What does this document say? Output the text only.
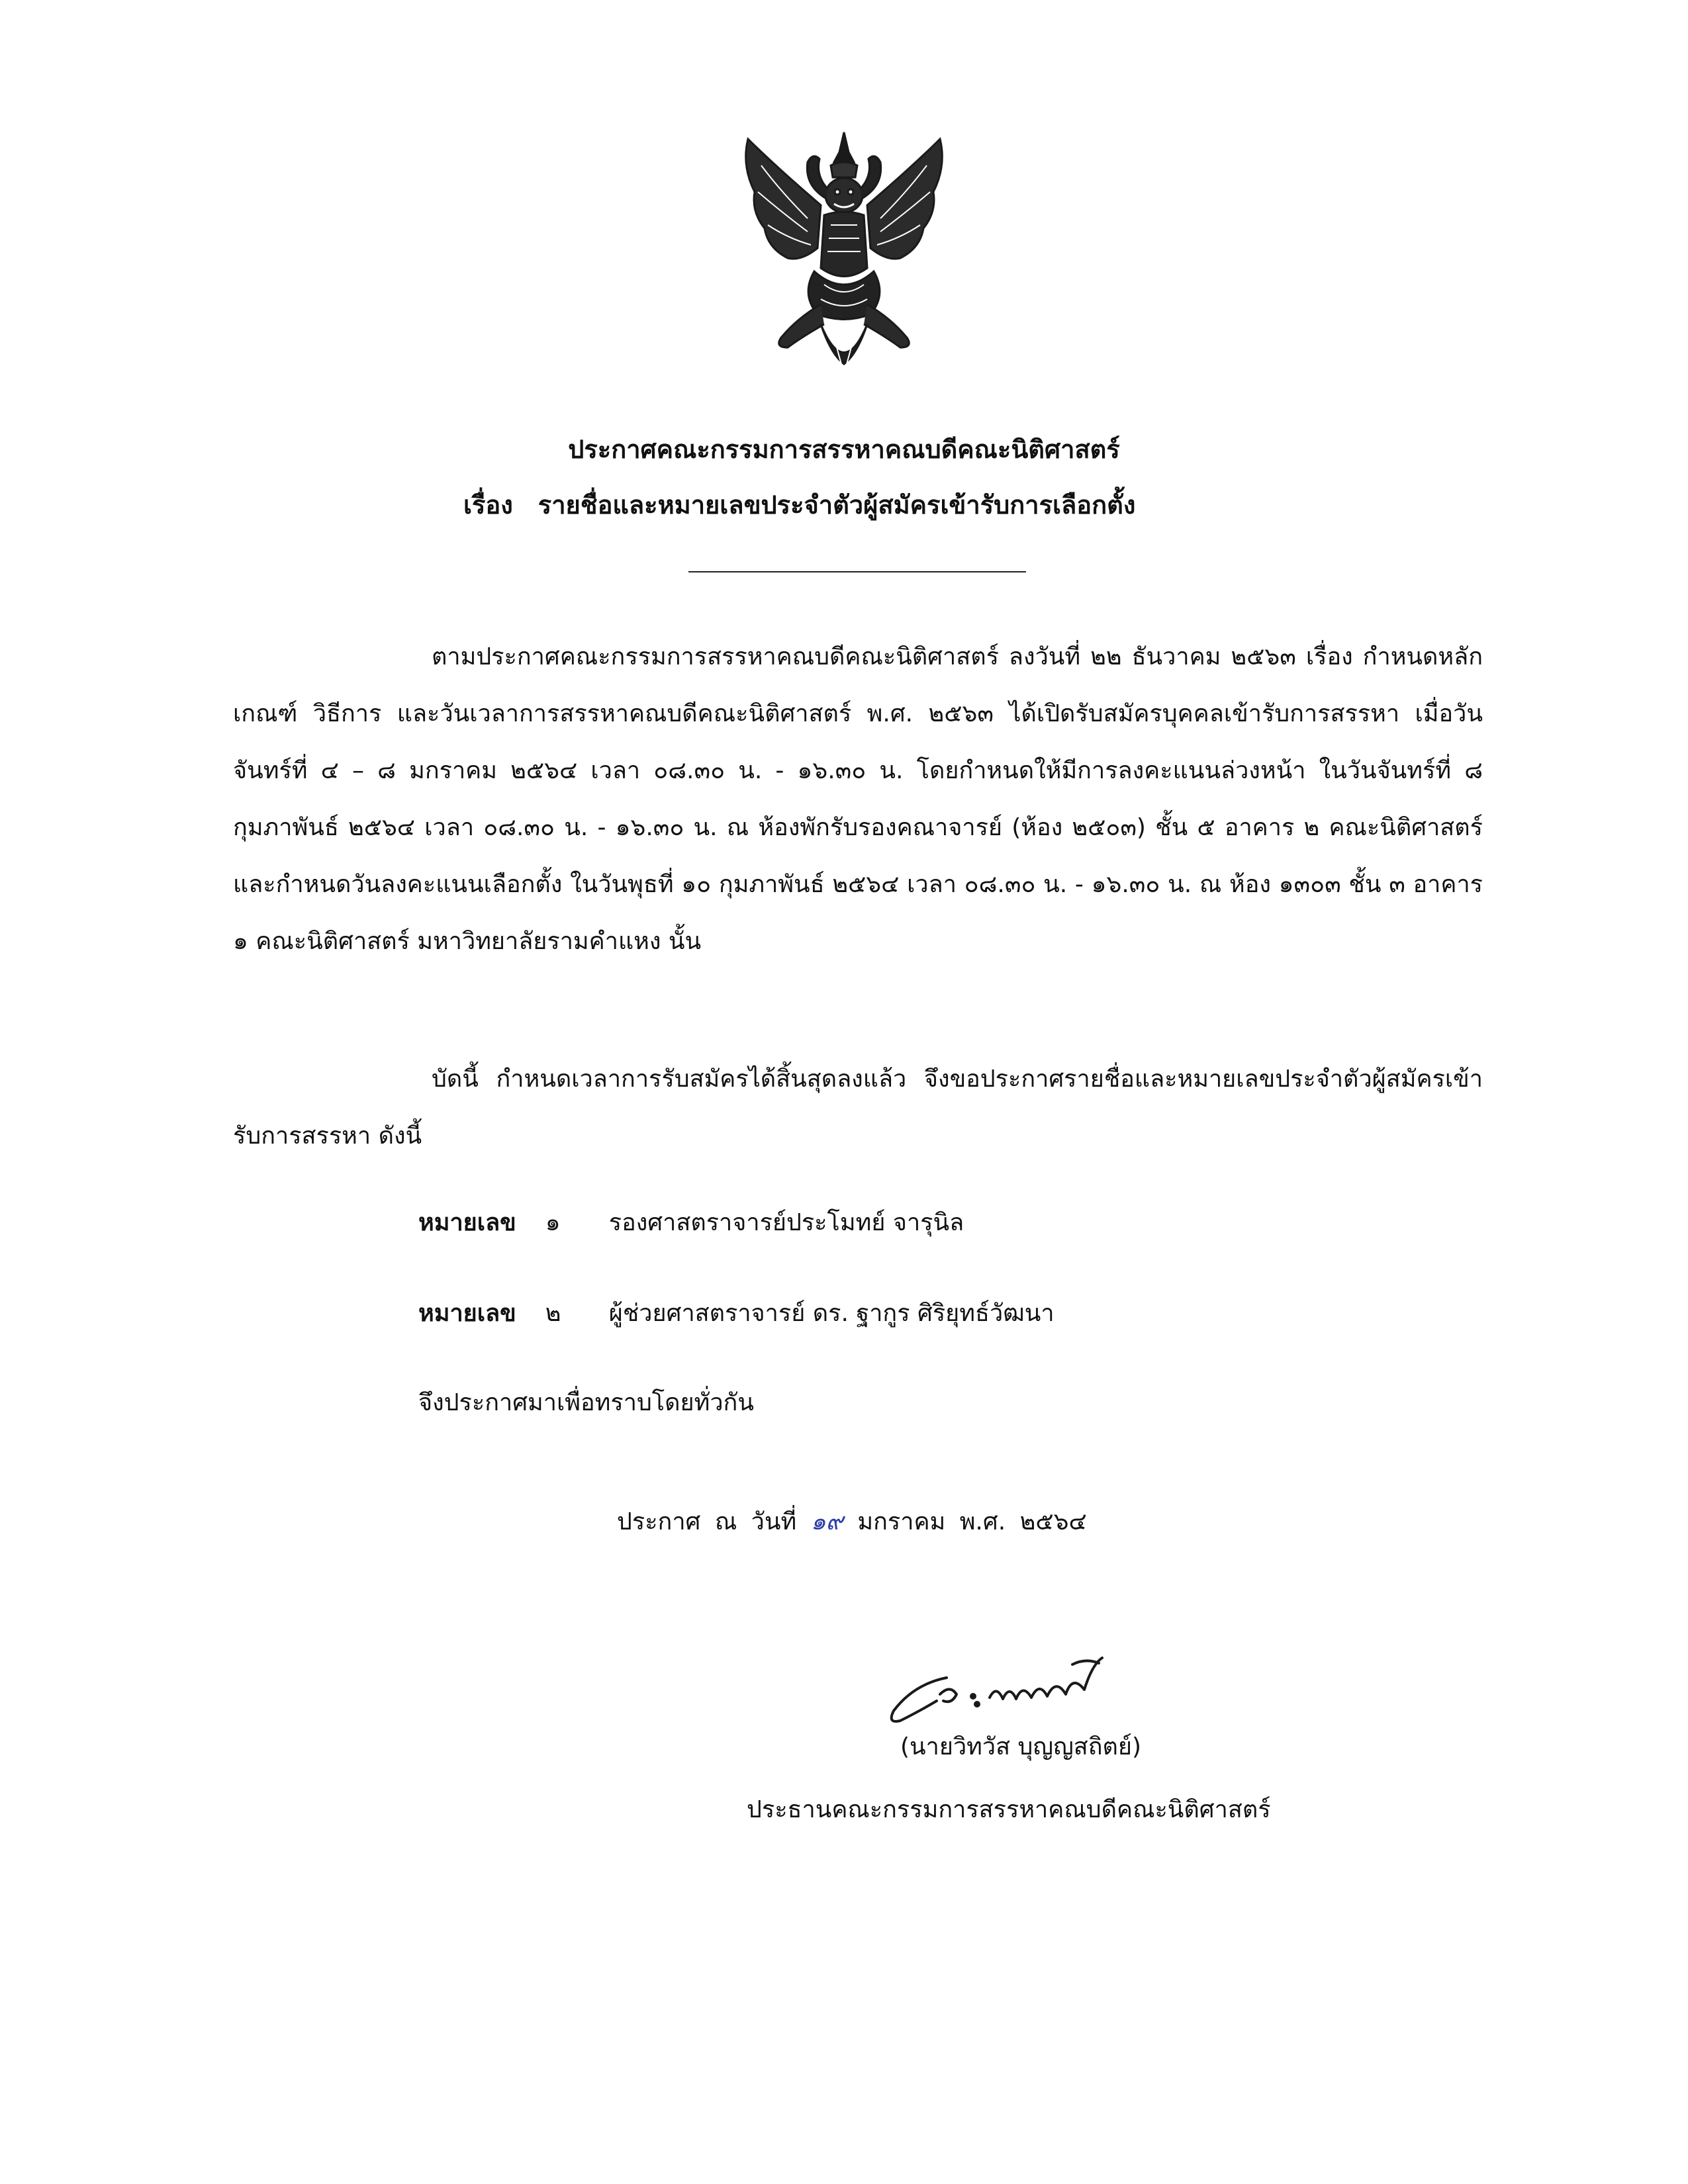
ประกาศคณะกรรมการสรรหาคณบดีคณะนิติศาสตร์
เรื่อง รายชื่อและหมายเลขประจำตัวผู้สมัครเข้ารับการเลือกตั้ง
ตามประกาศคณะกรรมการสรรหาคณบดีคณะนิติศาสตร์ ลงวันที่ ๒๒ ธันวาคม ๒๕๖๓ เรื่อง กำหนดหลักเกณฑ์ วิธีการ และวันเวลาการสรรหาคณบดีคณะนิติศาสตร์ พ.ศ. ๒๕๖๓ ได้เปิดรับสมัครบุคคลเข้ารับการสรรหา เมื่อวันจันทร์ที่ ๔ – ๘ มกราคม ๒๕๖๔ เวลา ๐๘.๓๐ น. - ๑๖.๓๐ น. โดยกำหนดให้มีการลงคะแนนล่วงหน้า ในวันจันทร์ที่ ๘ กุมภาพันธ์ ๒๕๖๔ เวลา ๐๘.๓๐ น. - ๑๖.๓๐ น. ณ ห้องพักรับรองคณาจารย์ (ห้อง ๒๕๐๓) ชั้น ๕ อาคาร ๒ คณะนิติศาสตร์ และกำหนดวันลงคะแนนเลือกตั้ง ในวันพุธที่ ๑๐ กุมภาพันธ์ ๒๕๖๔ เวลา ๐๘.๓๐ น. - ๑๖.๓๐ น. ณ ห้อง ๑๓๐๓ ชั้น ๓ อาคาร ๑ คณะนิติศาสตร์ มหาวิทยาลัยรามคำแหง นั้น
บัดนี้ กำหนดเวลาการรับสมัครได้สิ้นสุดลงแล้ว จึงขอประกาศรายชื่อและหมายเลขประจำตัวผู้สมัครเข้ารับการสรรหา ดังนี้
หมายเลข ๑ รองศาสตราจารย์ประโมทย์ จารุนิล
หมายเลข ๒ ผู้ช่วยศาสตราจารย์ ดร. ฐากูร ศิริยุทธ์วัฒนา
จึงประกาศมาเพื่อทราบโดยทั่วกัน
ประกาศ ณ วันที่ ๑๙ มกราคม พ.ศ. ๒๕๖๔
(นายวิทวัส บุญญสถิตย์)
ประธานคณะกรรมการสรรหาคณบดีคณะนิติศาสตร์
